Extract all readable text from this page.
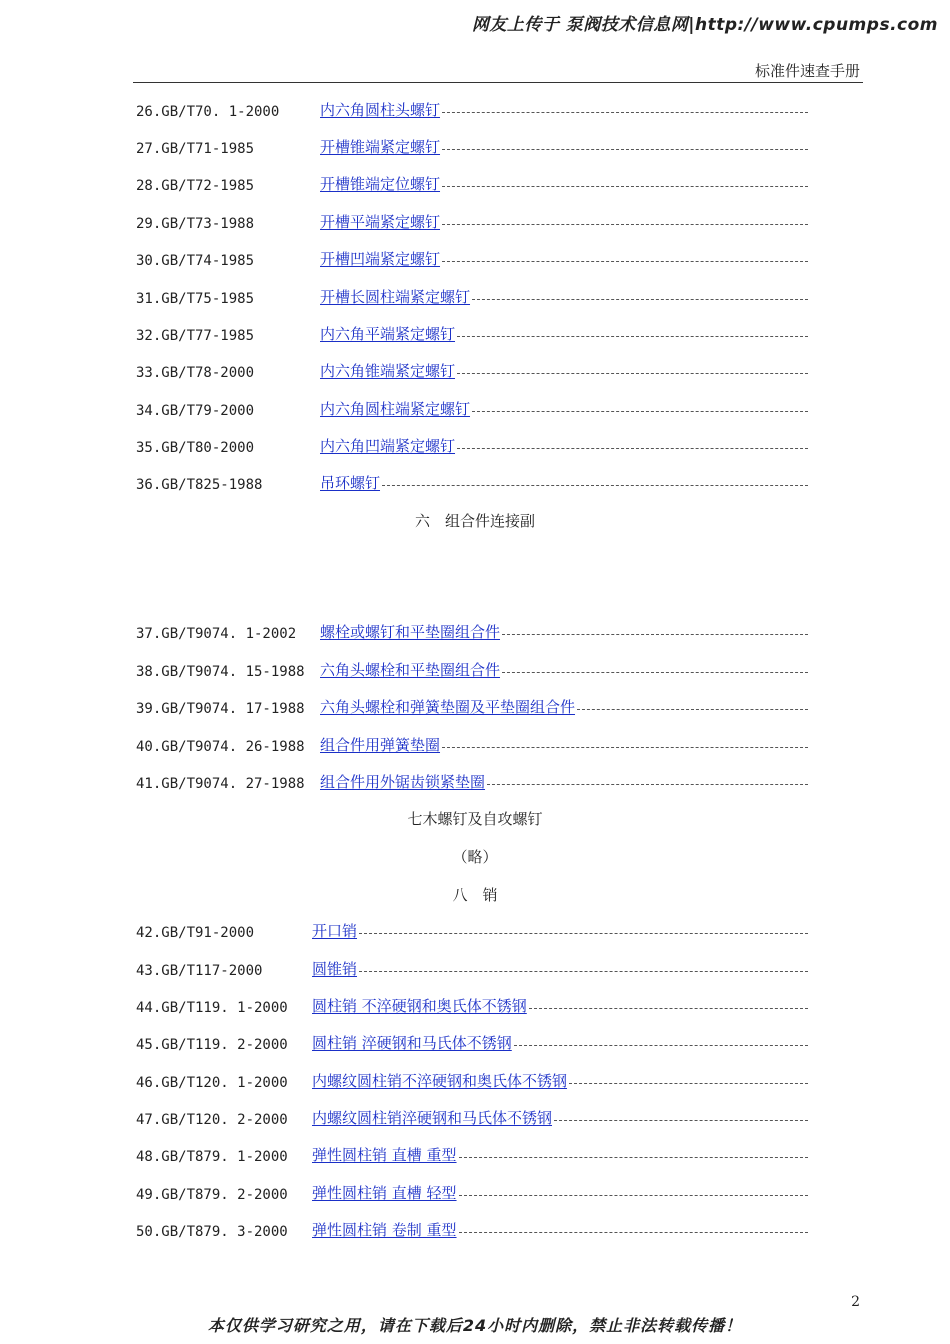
网友上传于 泵阀技术信息网|http://www.cpumps.com
标准件速查手册
26.GB/T70. 1-2000	内六角圆柱头螺钉
27.GB/T71-1985	开槽锥端紧定螺钉
28.GB/T72-1985	开槽锥端定位螺钉
29.GB/T73-1988	开槽平端紧定螺钉
30.GB/T74-1985	开槽凹端紧定螺钉
31.GB/T75-1985	开槽长圆柱端紧定螺钉
32.GB/T77-1985	内六角平端紧定螺钉
33.GB/T78-2000	内六角锥端紧定螺钉
34.GB/T79-2000	内六角圆柱端紧定螺钉
35.GB/T80-2000	内六角凹端紧定螺钉
36.GB/T825-1988	吊环螺钉
六　组合件连接副
37.GB/T9074. 1-2002	螺栓或螺钉和平垫圈组合件
38.GB/T9074. 15-1988	六角头螺栓和平垫圈组合件
39.GB/T9074. 17-1988	六角头螺栓和弹簧垫圈及平垫圈组合件
40.GB/T9074. 26-1988	组合件用弹簧垫圈
41.GB/T9074. 27-1988	组合件用外锯齿锁紧垫圈
七木螺钉及自攻螺钉
（略）
八　销
42.GB/T91-2000	开口销
43.GB/T117-2000	圆锥销
44.GB/T119. 1-2000	圆柱销 不淬硬钢和奥氏体不锈钢
45.GB/T119. 2-2000	圆柱销 淬硬钢和马氏体不锈钢
46.GB/T120. 1-2000	内螺纹圆柱销不淬硬钢和奥氏体不锈钢
47.GB/T120. 2-2000	内螺纹圆柱销淬硬钢和马氏体不锈钢
48.GB/T879. 1-2000	弹性圆柱销 直槽 重型
49.GB/T879. 2-2000	弹性圆柱销 直槽 轻型
50.GB/T879. 3-2000	弹性圆柱销 卷制 重型
2
本仅供学习研究之用，请在下载后24小时内删除，禁止非法转载传播！
